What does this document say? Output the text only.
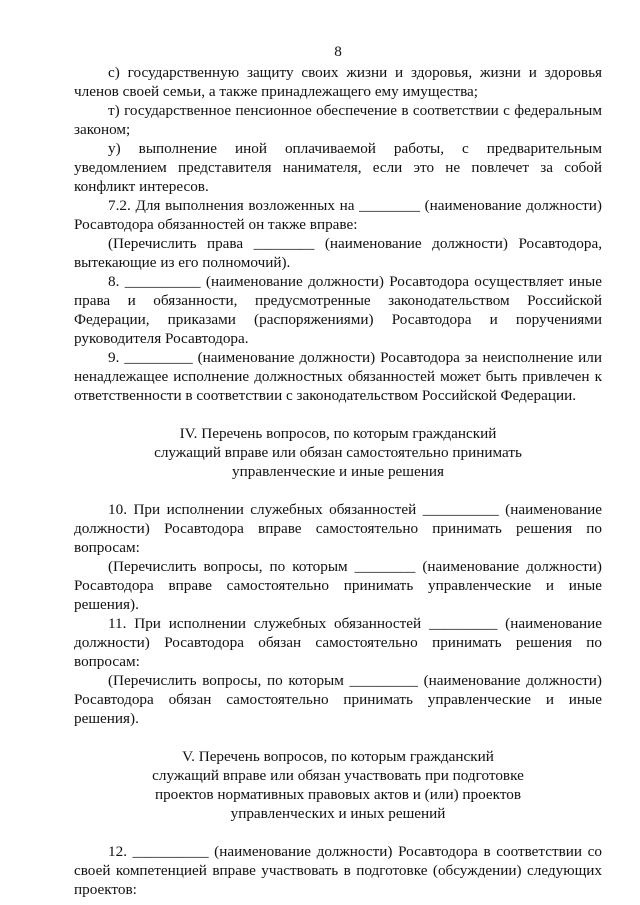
8

с) государственную защиту своих жизни и здоровья, жизни и здоровья членов своей семьи, а также принадлежащего ему имущества;

т) государственное пенсионное обеспечение в соответствии с федеральным законом;

у) выполнение иной оплачиваемой работы, с предварительным уведомлением представителя нанимателя, если это не повлечет за собой конфликт интересов.

7.2. Для выполнения возложенных на ________ (наименование должности) Росавтодора обязанностей он также вправе:

(Перечислить права ________ (наименование должности) Росавтодора, вытекающие из его полномочий).

8. __________ (наименование должности) Росавтодора осуществляет иные права и обязанности, предусмотренные законодательством Российской Федерации, приказами (распоряжениями) Росавтодора и поручениями руководителя Росавтодора.

9. _________ (наименование должности) Росавтодора за неисполнение или ненадлежащее исполнение должностных обязанностей может быть привлечен к ответственности в соответствии с законодательством Российской Федерации.

IV. Перечень вопросов, по которым гражданский
служащий вправе или обязан самостоятельно принимать
управленческие и иные решения

10. При исполнении служебных обязанностей __________ (наименование должности) Росавтодора вправе самостоятельно принимать решения по вопросам:

(Перечислить вопросы, по которым ________ (наименование должности) Росавтодора вправе самостоятельно принимать управленческие и иные решения).

11. При исполнении служебных обязанностей _________ (наименование должности) Росавтодора обязан самостоятельно принимать решения по вопросам:

(Перечислить вопросы, по которым _________ (наименование должности) Росавтодора обязан самостоятельно принимать управленческие и иные решения).

V. Перечень вопросов, по которым гражданский
служащий вправе или обязан участвовать при подготовке
проектов нормативных правовых актов и (или) проектов
управленческих и иных решений

12. __________ (наименование должности) Росавтодора в соответствии со своей компетенцией вправе участвовать в подготовке (обсуждении) следующих проектов:
